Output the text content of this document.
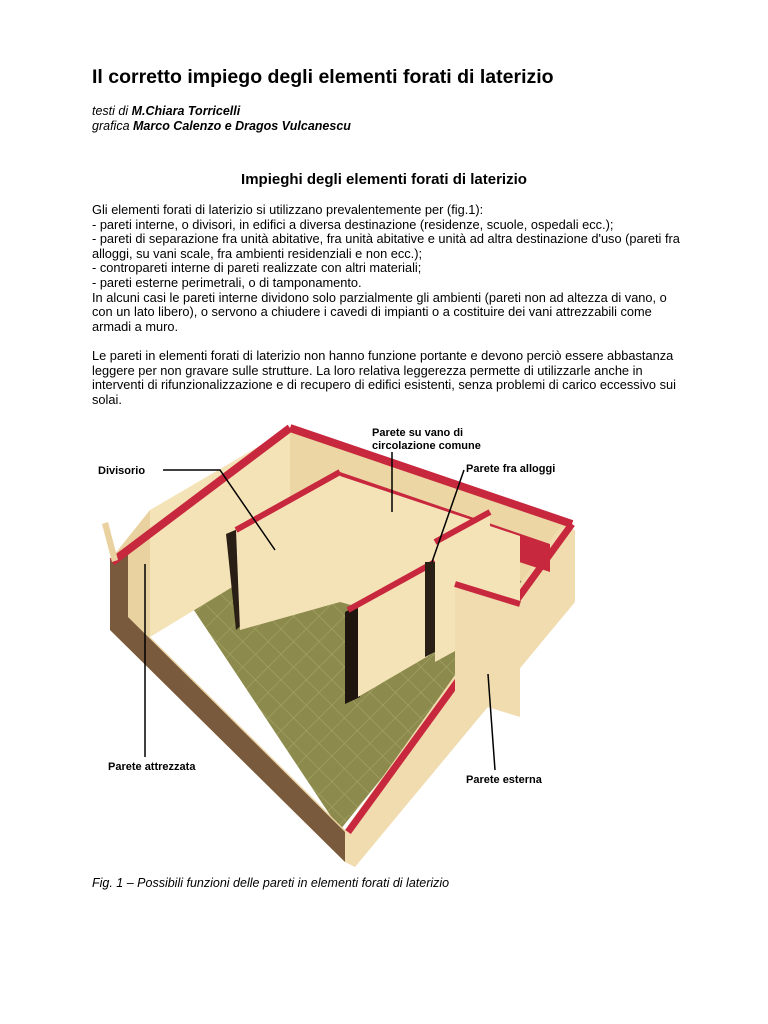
Il corretto impiego degli elementi forati di laterizio
testi di M.Chiara Torricelli
grafica Marco Calenzo e Dragos Vulcanescu
Impieghi degli elementi forati di laterizio

Gli elementi forati di laterizio si utilizzano prevalentemente per (fig.1):

- pareti interne, o divisori, in edifici a diversa destinazione (residenze, scuole, ospedali ecc.);

- pareti di separazione fra unità abitative, fra unità abitative e unità ad altra destinazione d'uso (pareti fra

alloggi, su vani scale, fra ambienti residenziali e non ecc.);

- contropareti interne di pareti realizzate con altri materiali;

- pareti esterne perimetrali, o di tamponamento.

In alcuni casi le pareti interne dividono solo parzialmente gli ambienti (pareti non ad altezza di vano, o

con un lato libero), o servono a chiudere i cavedi di impianti o a costituire dei vani attrezzabili come

armadi a muro.

Le pareti in elementi forati di laterizio non hanno funzione portante e devono perciò essere abbastanza

leggere per non gravare sulle strutture. La loro relativa leggerezza permette di utilizzarle anche in

interventi di rifunzionalizzazione e di recupero di edifici esistenti, senza problemi di carico eccessivo sui

solai.

Divisorio
Parete su vano di
circolazione comune
Parete fra alloggi
Parete attrezzata
Parete esterna
Fig. 1 – Possibili funzioni delle pareti in elementi forati di laterizio
